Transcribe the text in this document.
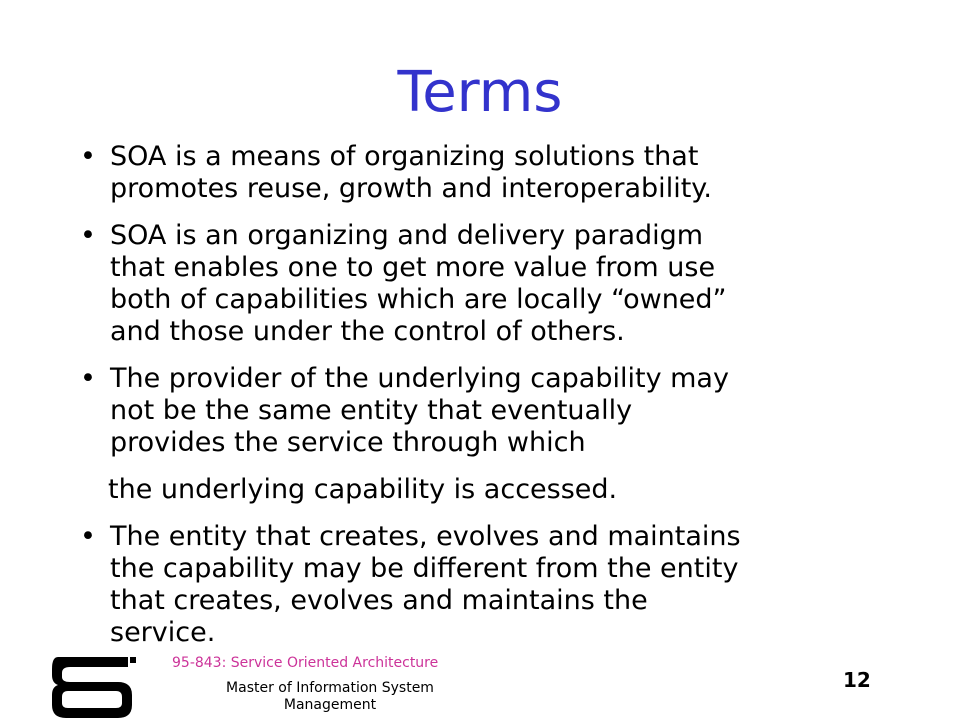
Terms
• SOA is a means of organizing solutions that
promotes reuse, growth and interoperability.
• SOA is an organizing and delivery paradigm
that enables one to get more value from use
both of capabilities which are locally “owned”
and those under the control of others.
• The provider of the underlying capability may
not be the same entity that eventually
provides the service through which
the underlying capability is accessed.
• The entity that creates, evolves and maintains
the capability may be different from the entity
that creates, evolves and maintains the
service.
95-843: Service Oriented Architecture
Master of Information System Management
12
